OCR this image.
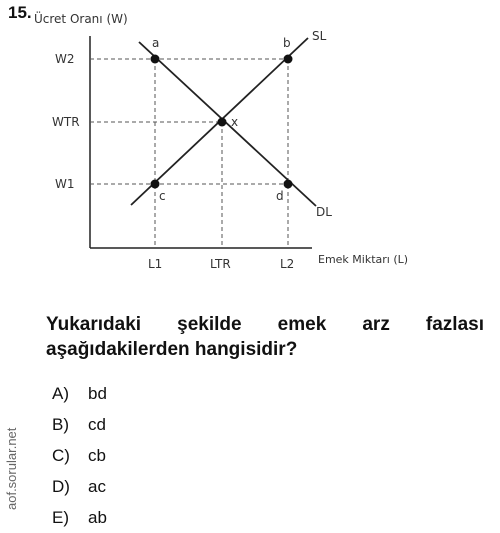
15. Ücret Oranı (W)
Emek Miktarı (L)
W2
WTR
W1
L1	LTR	L2
SL
DL
a	b
x
c	d
Yukarıdaki şekilde emek arz fazlası
aşağıdakilerden hangisidir?
A)	bd
B)	cd
C)	cb
D)	ac
E)	ab
aof.sorular.net
